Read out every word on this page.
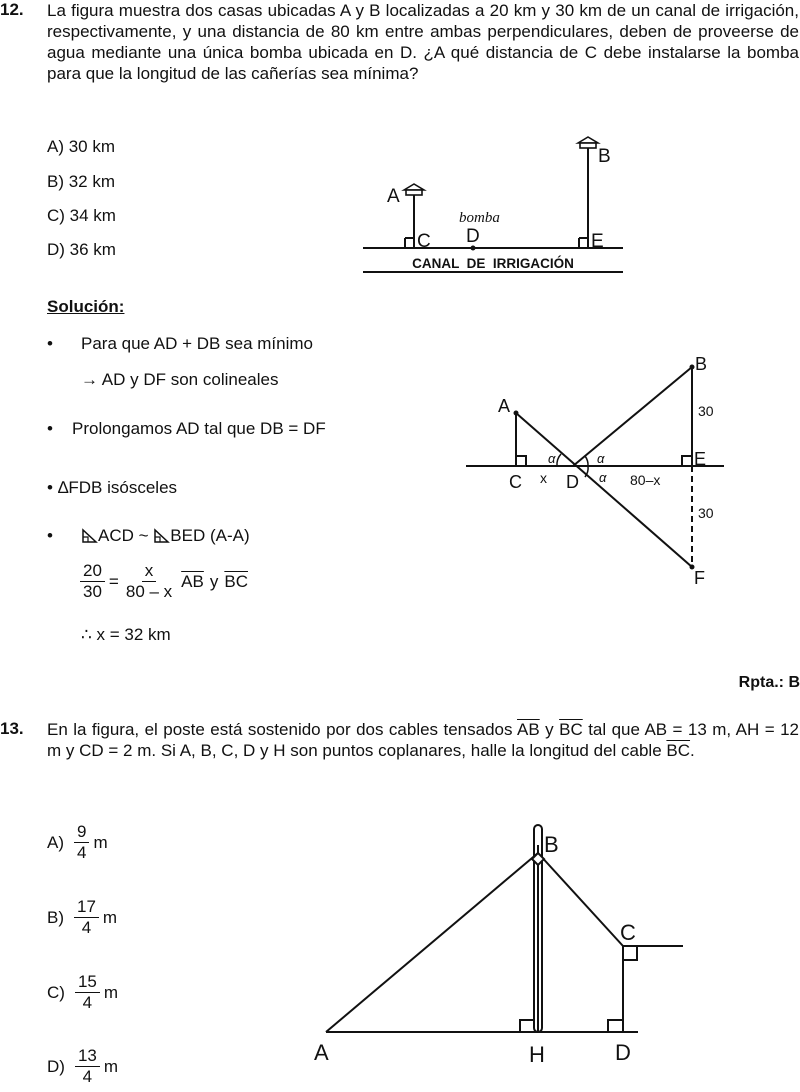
12. La figura muestra dos casas ubicadas A y B localizadas a 20 km y 30 km de un canal de irrigación, respectivamente, y una distancia de 80 km entre ambas perpendiculares, deben de proveerse de agua mediante una única bomba ubicada en D. ¿A qué distancia de C debe instalarse la bomba para que la longitud de las cañerías sea mínima?
A) 30 km
B) 32 km
C) 34 km
D) 36 km
A
B
C D	E
bomba
CANAL  DE  IRRIGACIÓN
Solución:
• Para que AD + DB sea mínimo
→ AD y DF son colineales
• Prolongamos AD tal que DB = DF
• ∆FDB isósceles
•	ACD ~ BED (A-A)
$\frac{20}{30} = \frac{x}{80 - x} \overline{AB}$ y $\overline{BC}$
∴ x = 32 km
A
B
C D
E
F
x	80–x
30
30
α	α
α
Rpta.: B
13. En la figura, el poste está sostenido por dos cables tensados $\overline{AB}$ y $\overline{BC}$ tal que AB = 13 m, AH = 12 m y CD = 2 m. Si A, B, C, D y H son puntos coplanares, halle la longitud del cable $\overline{BC}$.
$A) \frac{9}{4}$ m
$B) \frac{17}{4}$ m
$C) \frac{15}{4}$ m
$D) \frac{13}{4}$ m
B
C
A	H	D
